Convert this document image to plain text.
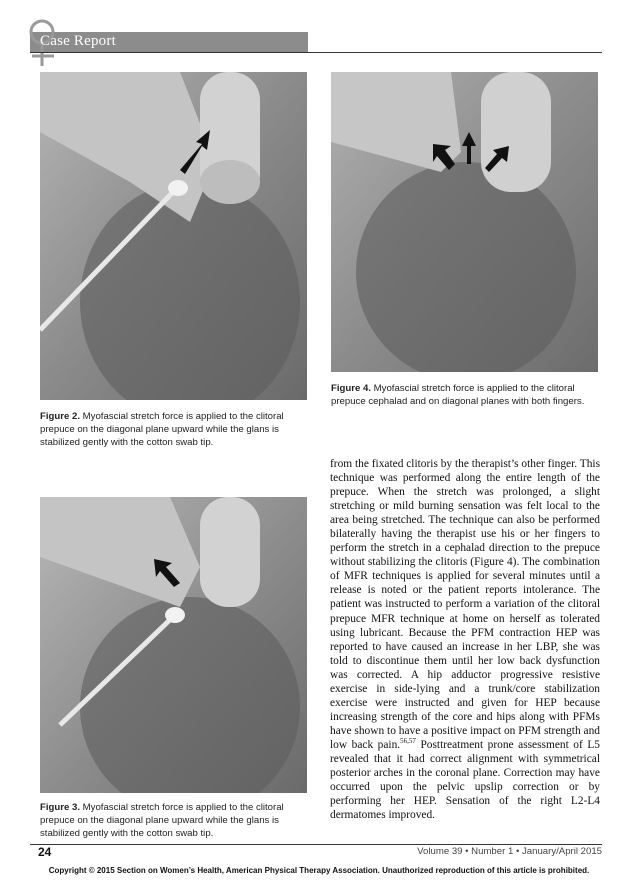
Case Report
Figure 2. Myofascial stretch force is applied to the clitoral prepuce on the diagonal plane upward while the glans is stabilized gently with the cotton swab tip.
Figure 4. Myofascial stretch force is applied to the clitoral prepuce cephalad and on diagonal planes with both fingers.
Figure 3. Myofascial stretch force is applied to the clitoral prepuce on the diagonal plane upward while the glans is stabilized gently with the cotton swab tip.
from the fixated clitoris by the therapist’s other finger. This technique was performed along the entire length of the prepuce. When the stretch was prolonged, a slight stretching or mild burning sensation was felt local to the area being stretched. The technique can also be performed bilaterally having the therapist use his or her fingers to perform the stretch in a cephalad direction to the prepuce without stabilizing the clitoris (Figure 4). The combination of MFR techniques is applied for several minutes until a release is noted or the patient reports intolerance. The patient was instructed to perform a variation of the clitoral prepuce MFR technique at home on herself as tolerated using lubricant. Because the PFM contraction HEP was reported to have caused an increase in her LBP, she was told to discontinue them until her low back dysfunction was corrected. A hip adductor progressive resistive exercise in side-lying and a trunk/core stabilization exercise were instructed and given for HEP because increasing strength of the core and hips along with PFMs have shown to have a positive impact on PFM strength and low back pain.$^{56,57}$ Posttreatment prone assessment of L5 revealed that it had correct alignment with symmetrical posterior arches in the coronal plane. Correction may have occurred upon the pelvic upslip correction or by performing her HEP. Sensation of the right L2-L4 dermatomes improved.
24	Volume 39 • Number 1 • January/April 2015
Copyright © 2015 Section on Women’s Health, American Physical Therapy Association. Unauthorized reproduction of this article is prohibited.
